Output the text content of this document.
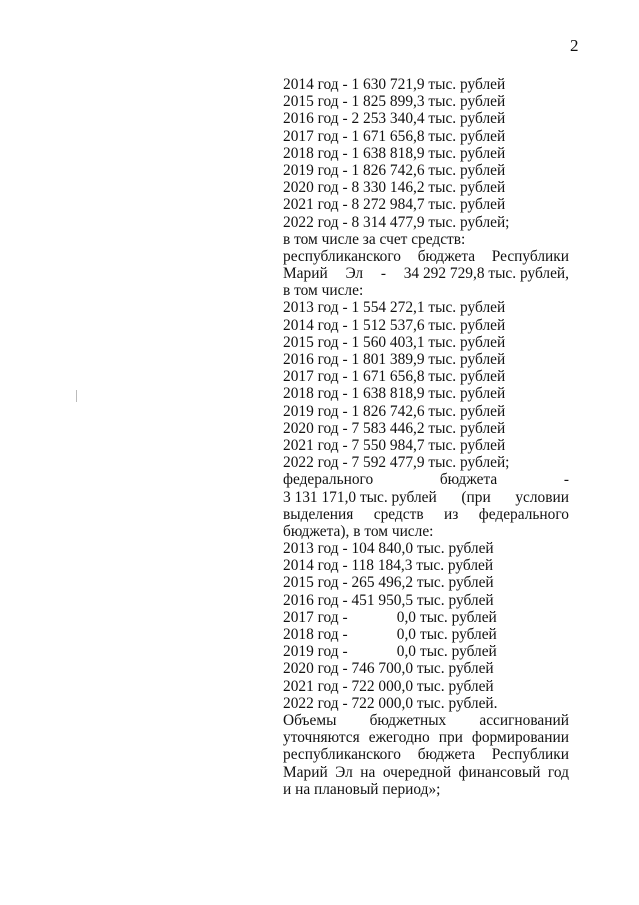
2
2014 год - 1 630 721,9 тыс. рублей
2015 год - 1 825 899,3 тыс. рублей
2016 год - 2 253 340,4 тыс. рублей
2017 год - 1 671 656,8 тыс. рублей
2018 год - 1 638 818,9 тыс. рублей
2019 год - 1 826 742,6 тыс. рублей
2020 год - 8 330 146,2 тыс. рублей
2021 год - 8 272 984,7 тыс. рублей
2022 год - 8 314 477,9 тыс. рублей;
в том числе за счет средств:
республиканского бюджета Республики
Марий Эл - 34 292 729,8 тыс. рублей,
в том числе:
2013 год - 1 554 272,1 тыс. рублей
2014 год - 1 512 537,6 тыс. рублей
2015 год - 1 560 403,1 тыс. рублей
2016 год - 1 801 389,9 тыс. рублей
2017 год - 1 671 656,8 тыс. рублей
2018 год - 1 638 818,9 тыс. рублей
2019 год - 1 826 742,6 тыс. рублей
2020 год - 7 583 446,2 тыс. рублей
2021 год - 7 550 984,7 тыс. рублей
2022 год - 7 592 477,9 тыс. рублей;
федерального	бюджета	-
3 131 171,0 тыс. рублей (при условии
выделения средств из федерального
бюджета), в том числе:
2013 год - 104 840,0 тыс. рублей
2014 год - 118 184,3 тыс. рублей
2015 год - 265 496,2 тыс. рублей
2016 год - 451 950,5 тыс. рублей
2017 год -	0,0 тыс. рублей
2018 год -	0,0 тыс. рублей
2019 год -	0,0 тыс. рублей
2020 год - 746 700,0 тыс. рублей
2021 год - 722 000,0 тыс. рублей
2022 год - 722 000,0 тыс. рублей.
Объемы бюджетных ассигнований
уточняются ежегодно при формировании
республиканского бюджета Республики
Марий Эл на очередной финансовый год
и на плановый период»;
